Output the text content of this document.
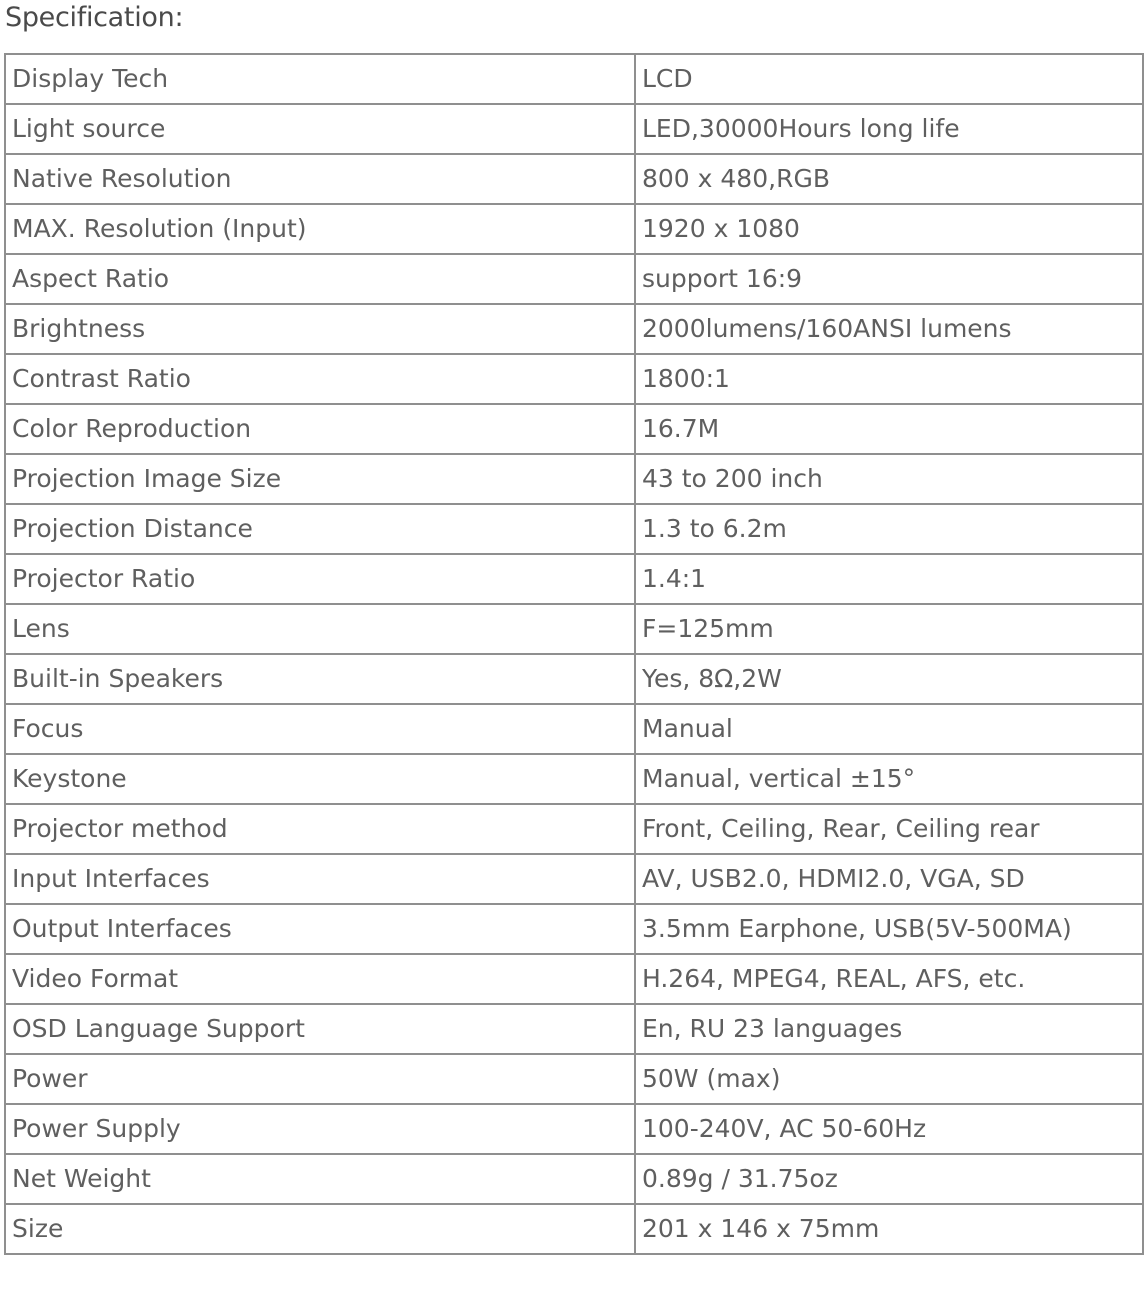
Specification:
Display Tech	LCD
Light source	LED,30000Hours long life
Native Resolution	800 x 480,RGB
MAX. Resolution (Input)	1920 x 1080
Aspect Ratio	support 16:9
Brightness	2000lumens/160ANSI lumens
Contrast Ratio	1800:1
Color Reproduction	16.7M
Projection Image Size	43 to 200 inch
Projection Distance	1.3 to 6.2m
Projector Ratio	1.4:1
Lens	F=125mm
Built-in Speakers	Yes, 8Ω,2W
Focus	Manual
Keystone	Manual, vertical ±15°
Projector method	Front, Ceiling, Rear, Ceiling rear
Input Interfaces	AV, USB2.0, HDMI2.0, VGA, SD
Output Interfaces	3.5mm Earphone, USB(5V-500MA)
Video Format	H.264, MPEG4, REAL, AFS, etc.
OSD Language Support	En, RU 23 languages
Power	50W (max)
Power Supply	100-240V, AC 50-60Hz
Net Weight	0.89g / 31.75oz
Size	201 x 146 x 75mm
